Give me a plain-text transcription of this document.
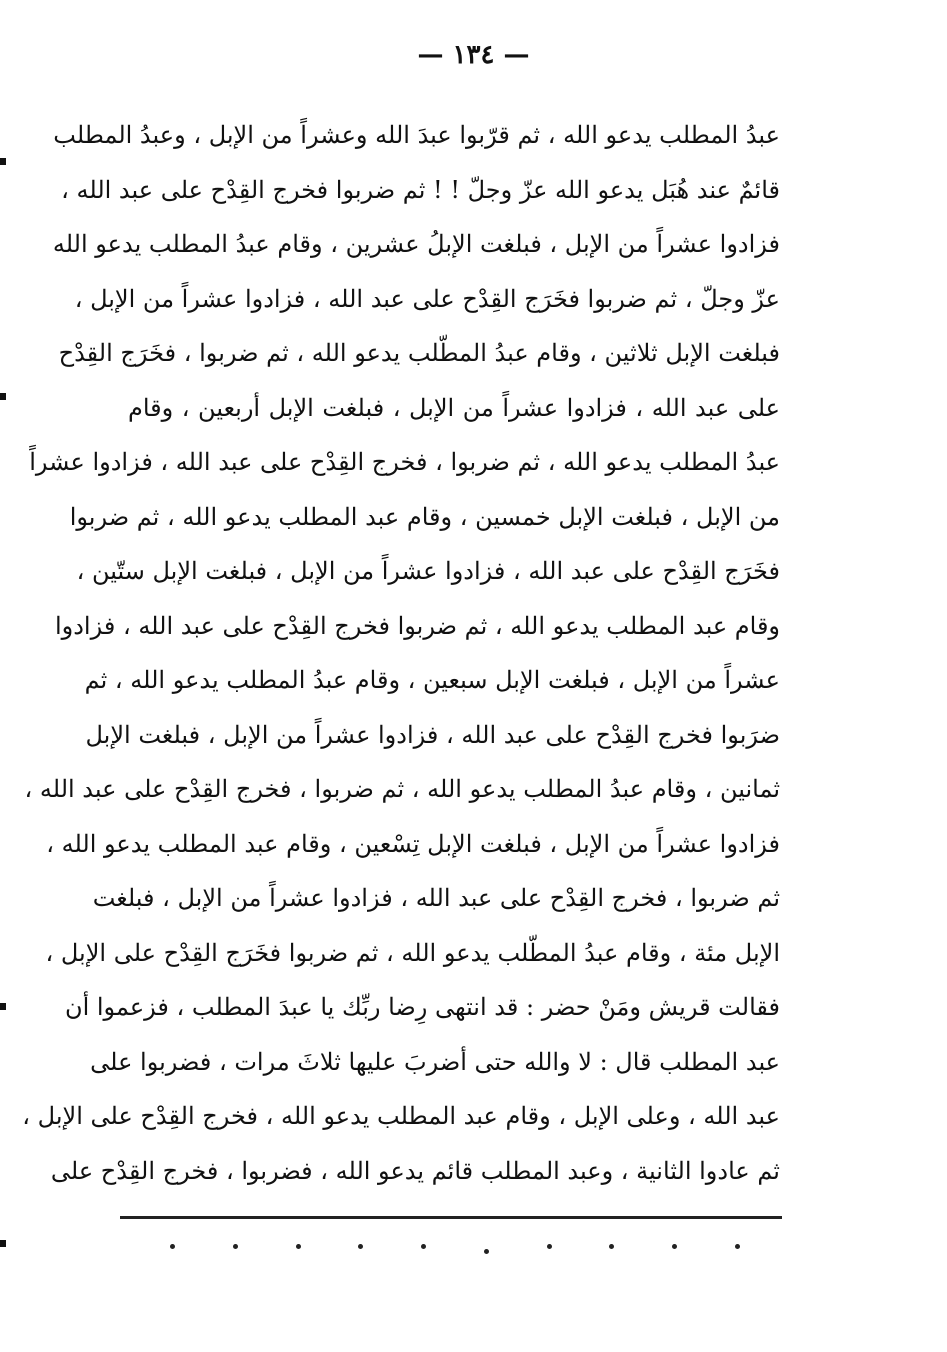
— ١٣٤ —
عبدُ المطلب يدعو الله ، ثم قرّبوا عبدَ الله وعشراً من الإبل ، وعبدُ المطلب
قائمٌ عند هُبَل يدعو الله عزّ وجلّ ! ! ثم ضربوا فخرج القِدْح على عبد الله ،
فزادوا عشراً من الإبل ، فبلغت الإبلُ عشرين ، وقام عبدُ المطلب يدعو الله
عزّ وجلّ ، ثم ضربوا فخَرَج القِدْح على عبد الله ، فزادوا عشراً من الإبل ،
فبلغت الإبل ثلاثين ، وقام عبدُ المطّلب يدعو الله ، ثم ضربوا ، فخَرَج القِدْح
على عبد الله ، فزادوا عشراً من الإبل ، فبلغت الإبل أربعين ، وقام
عبدُ المطلب يدعو الله ، ثم ضربوا ، فخرج القِدْح على عبد الله ، فزادوا عشراً
من الإبل ، فبلغت الإبل خمسين ، وقام عبد المطلب يدعو الله ، ثم ضربوا
فخَرَج القِدْح على عبد الله ، فزادوا عشراً من الإبل ، فبلغت الإبل ستّين ،
وقام عبد المطلب يدعو الله ، ثم ضربوا فخرج القِدْح على عبد الله ، فزادوا
عشراً من الإبل ، فبلغت الإبل سبعين ، وقام عبدُ المطلب يدعو الله ، ثم
ضرَبوا فخرج القِدْح على عبد الله ، فزادوا عشراً من الإبل ، فبلغت الإبل
ثمانين ، وقام عبدُ المطلب يدعو الله ، ثم ضربوا ، فخرج القِدْح على عبد الله ،
فزادوا عشراً من الإبل ، فبلغت الإبل تِسْعين ، وقام عبد المطلب يدعو الله ،
ثم ضربوا ، فخرج القِدْح على عبد الله ، فزادوا عشراً من الإبل ، فبلغت
الإبل مئة ، وقام عبدُ المطّلب يدعو الله ، ثم ضربوا فخَرَج القِدْح على الإبل ،
فقالت قريش ومَنْ حضر : قد انتهى رِضا ربِّك يا عبدَ المطلب ، فزعموا أن
عبد المطلب قال : لا والله حتى أضربَ عليها ثلاثَ مرات ، فضربوا على
عبد الله ، وعلى الإبل ، وقام عبد المطلب يدعو الله ، فخرج القِدْح على الإبل ،
ثم عادوا الثانية ، وعبد المطلب قائم يدعو الله ، فضربوا ، فخرج القِدْح على
